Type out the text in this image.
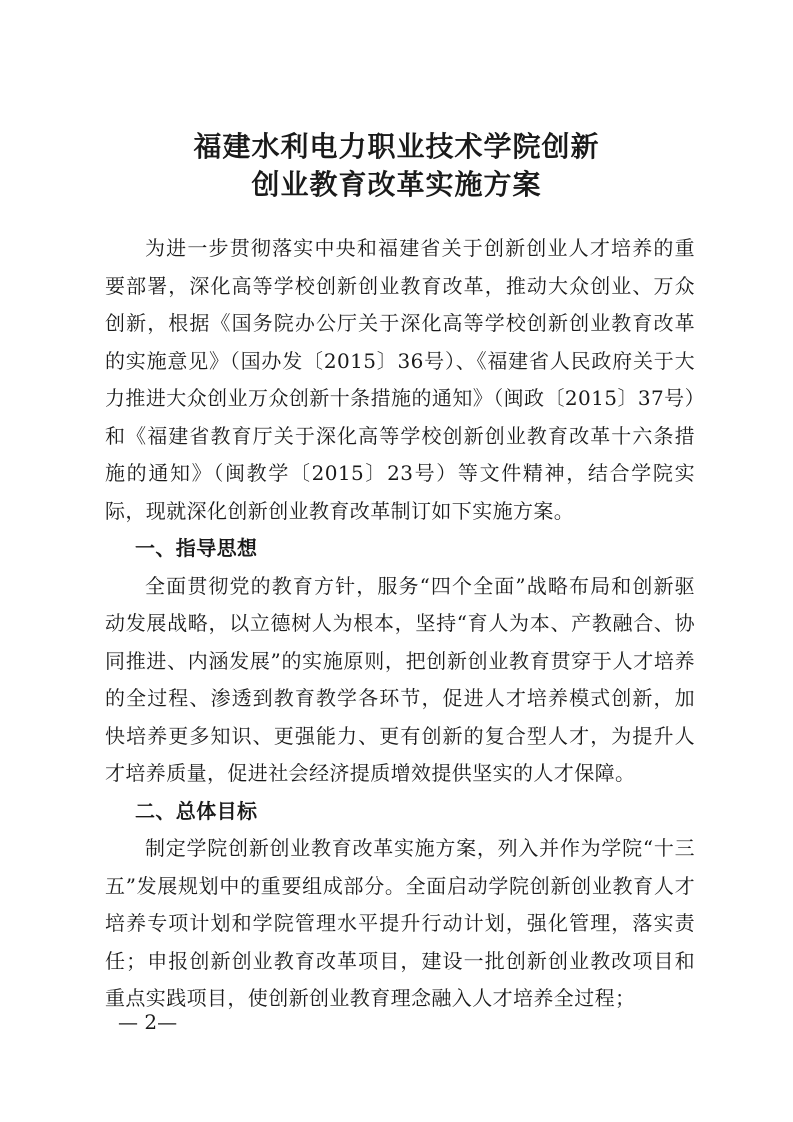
福建水利电力职业技术学院创新
创业教育改革实施方案

为进一步贯彻落实中央和福建省关于创新创业人才培养的重要部署，深化高等学校创新创业教育改革，推动大众创业、万众创新，根据《国务院办公厅关于深化高等学校创新创业教育改革的实施意见》（国办发〔2015〕36号）、《福建省人民政府关于大力推进大众创业万众创新十条措施的通知》（闽政〔2015〕37号）和《福建省教育厅关于深化高等学校创新创业教育改革十六条措施的通知》（闽教学〔2015〕23号）等文件精神，结合学院实际，现就深化创新创业教育改革制订如下实施方案。

一、指导思想

全面贯彻党的教育方针，服务“四个全面”战略布局和创新驱动发展战略，以立德树人为根本，坚持“育人为本、产教融合、协同推进、内涵发展”的实施原则，把创新创业教育贯穿于人才培养的全过程、渗透到教育教学各环节，促进人才培养模式创新，加快培养更多知识、更强能力、更有创新的复合型人才，为提升人才培养质量，促进社会经济提质增效提供坚实的人才保障。

二、总体目标

制定学院创新创业教育改革实施方案，列入并作为学院“十三五”发展规划中的重要组成部分。全面启动学院创新创业教育人才培养专项计划和学院管理水平提升行动计划，强化管理，落实责任；申报创新创业教育改革项目，建设一批创新创业教改项目和重点实践项目，使创新创业教育理念融入人才培养全过程；

— 2—
